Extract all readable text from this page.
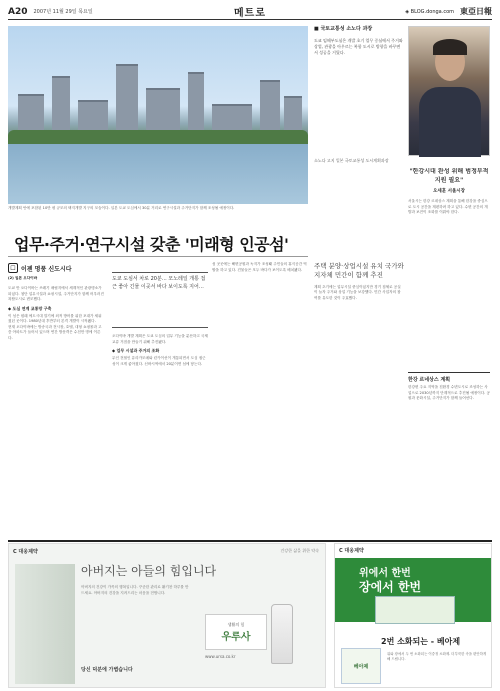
A20 2007년 11월 29일 목요일	메트로	◈ BLOG.donga.com 東亞日報
개발계획 안에 포함된 10만 평 규모의 택지개발 지구의 모습이다. 일본 도쿄 도심에서 30분 거리로 연구시설과 주거단지가 함께 조성될 예정이다.
업무·주거·연구시설 갖춘 '미래형 인공섬'
☐ 이젠 명품 신도시다
(2) 일본 오다이바

도쿄 만 오다이바는 쓰레기 매립지에서 세계적인 관광명소가 되었다. 첨단 업무시설과 쇼핑시설, 주거단지가 함께 어우러진 복합도시로 변모했다.

◆ 도심 연계 교통망 구축

이 섬은 원래 에도시대 말기에 외적 방어를 위한 포대가 세워졌던 곳이다. 1980년대 후반부터 본격 개발이 시작됐다.

현재 오다이바에는 방송국과 전시장, 호텔, 대형 쇼핑몰과 고층 아파트가 들어서 있으며 연간 방문객은 수천만 명에 이른다.

도쿄 도심서 차로 20분… 모노레일 개통 접근 좋아 긴물 이곳서 바다 보이도록 지어…

오다이바 개발 계획은 도쿄 도심의 업무 기능을 분산하고 국제 교류 거점을 만들기 위해 추진됐다.

◆ 업무 시설과 주거의 조화

무인 전철인 유리카모메와 린카이선이 개통되면서 도심 접근성이 크게 좋아졌다. 신바시역에서 20분이면 섬에 닿는다.

섬 곳곳에는 해변공원과 녹지가 조성돼 주민들의 휴식공간 역할을 하고 있다. 건물들은 모두 바다가 보이도록 배치됐다.

■ 국토교통성 소노다 과장

도쿄 임해부도심은 개발 초기 업무 중심에서 주거와 상업, 관광을 아우르는 복합 도시로 방향을 바꾸면서 성공을 거뒀다.

소노다 고지 일본 국토교통성 도시계획과장
주택 분양·상업시설 유치 국가와 지자체 민간이 함께 추진

계획 초기에는 업무시설 중심이었지만 경기 침체로 공실이 늘자 주거와 상업 기능을 보강했다. 민간 사업자의 참여를 유도한 것이 주효했다.

"한강시대 완성 위해 범정부적 지원 필요"
오세훈 서울시장

서울시는 한강 르네상스 계획을 통해 한강을 중심으로 도시 공간을 재편하려 하고 있다. 수변 공간의 개발과 보전이 조화를 이뤄야 한다.

한강 르네상스 계획

한강변 주요 지역을 친환경 수변도시로 조성하는 사업으로 2030년까지 단계적으로 추진될 예정이다. 공원과 문화시설, 주거단지가 함께 들어선다.

C 대웅제약	건강한 삶을 위한 약속
아버지는 아들의 힘입니다
아버지의 건강이 가족의 행복입니다. 꾸준한 관리로 활기찬 하루를 만드세요. 아버지의 건강을 지켜드리는 마음을 전합니다.
당신 덕분에 가볍습니다
생활의 힘
우루사
www.ursa.co.kr
C 대웅제약
위에서 한번
장에서 한번
2번 소화되는 - 베아제
베아제
위와 장에서 두 번 소화되는 이중정 소화제. 더부룩한 속을 편안하게 해 드립니다.
